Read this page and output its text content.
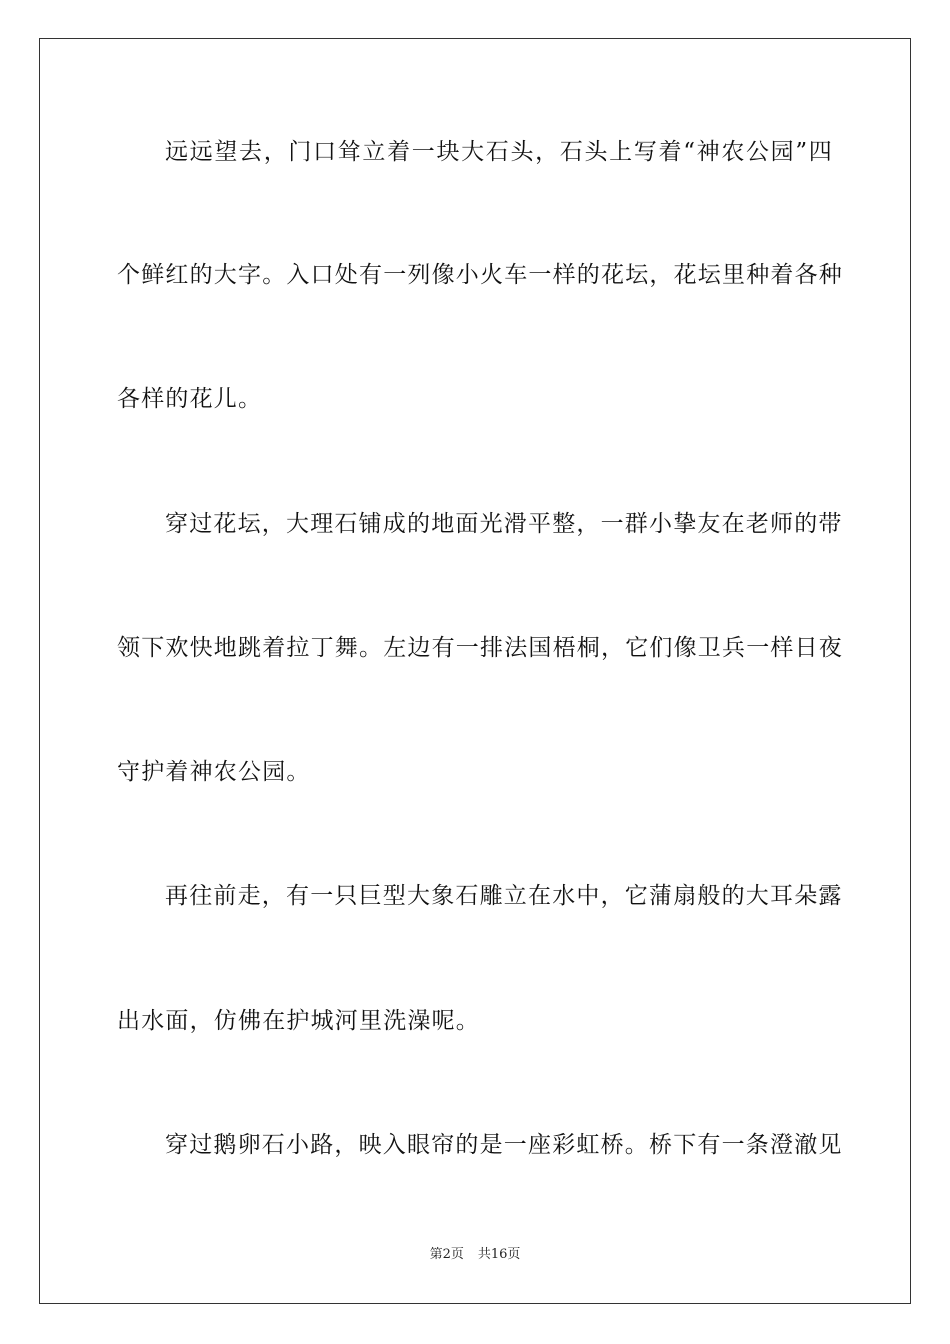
远远望去，门口耸立着一块大石头，石头上写着“神农公园”四

个鲜红的大字。入口处有一列像小火车一样的花坛，花坛里种着各种

各样的花儿。

穿过花坛，大理石铺成的地面光滑平整，一群小挚友在老师的带

领下欢快地跳着拉丁舞。左边有一排法国梧桐，它们像卫兵一样日夜

守护着神农公园。

再往前走，有一只巨型大象石雕立在水中，它蒲扇般的大耳朵露

出水面，仿佛在护城河里洗澡呢。

穿过鹅卵石小路，映入眼帘的是一座彩虹桥。桥下有一条澄澈见

第2页 共16页
